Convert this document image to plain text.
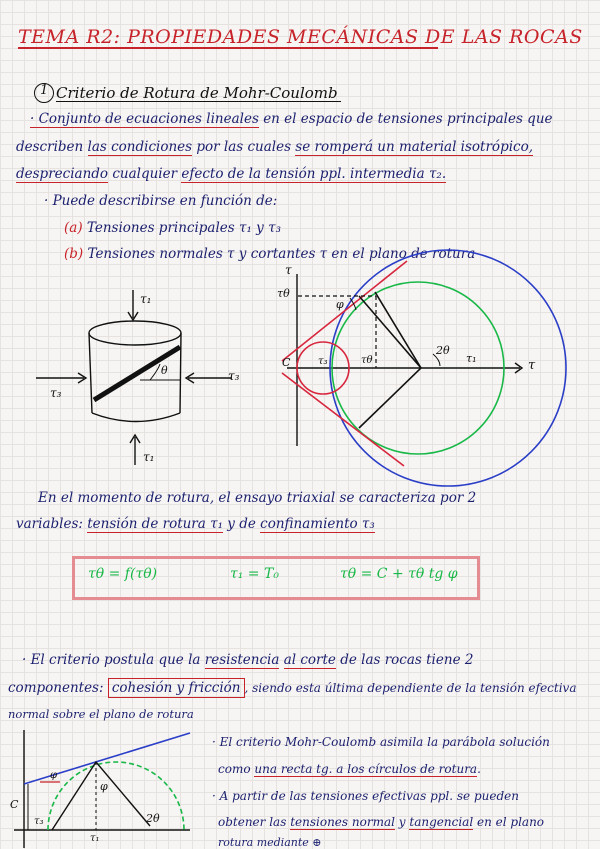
TEMA R2: PROPIEDADES MECÁNICAS DE LAS ROCAS
1 Criterio de Rotura de Mohr-Coulomb
· Conjunto de ecuaciones lineales en el espacio de tensiones principales que
describen las condiciones por las cuales se romperá un material isotrópico,
despreciando cualquier efecto de la tensión ppl. intermedia τ₂.
· Puede describirse en función de:
(a) Tensiones principales τ₁ y τ₃
(b) Tensiones normales τ y cortantes τ en el plano de rotura
τ₁
τ₁
τ₃
τ₃
θ
τ
τ
τθ
φ
C	τ₃	τθ
2θ
τ₁
En el momento de rotura, el ensayo triaxial se caracteriza por 2
variables: tensión de rotura τ₁ y de confinamiento τ₃
τθ = f(τθ)	τ₁ = T₀	τθ = C + τθ tg φ
· El criterio postula que la resistencia al corte de las rocas tiene 2
componentes: cohesión y fricción , siendo esta última dependiente de la tensión efectiva
normal sobre el plano de rotura
C
φ
φ
2θ
τ₃
τ₁
· El criterio Mohr-Coulomb asimila la parábola solución
como una recta tg. a los círculos de rotura.
· A partir de las tensiones efectivas ppl. se pueden
obtener las tensiones normal y tangencial en el plano
rotura mediante ⊕
